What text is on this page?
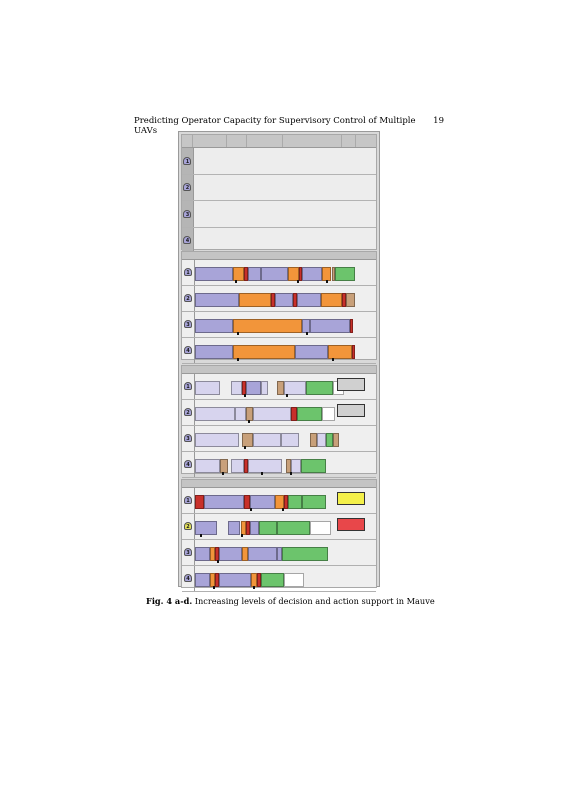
Predicting Operator Capacity for Supervisory Control of Multiple UAVs
19
1
2
3
4
1
2
3
4
1
2
3
4
1
2
3
4
Fig. 4 a-d. Increasing levels of decision and action support in Mauve
